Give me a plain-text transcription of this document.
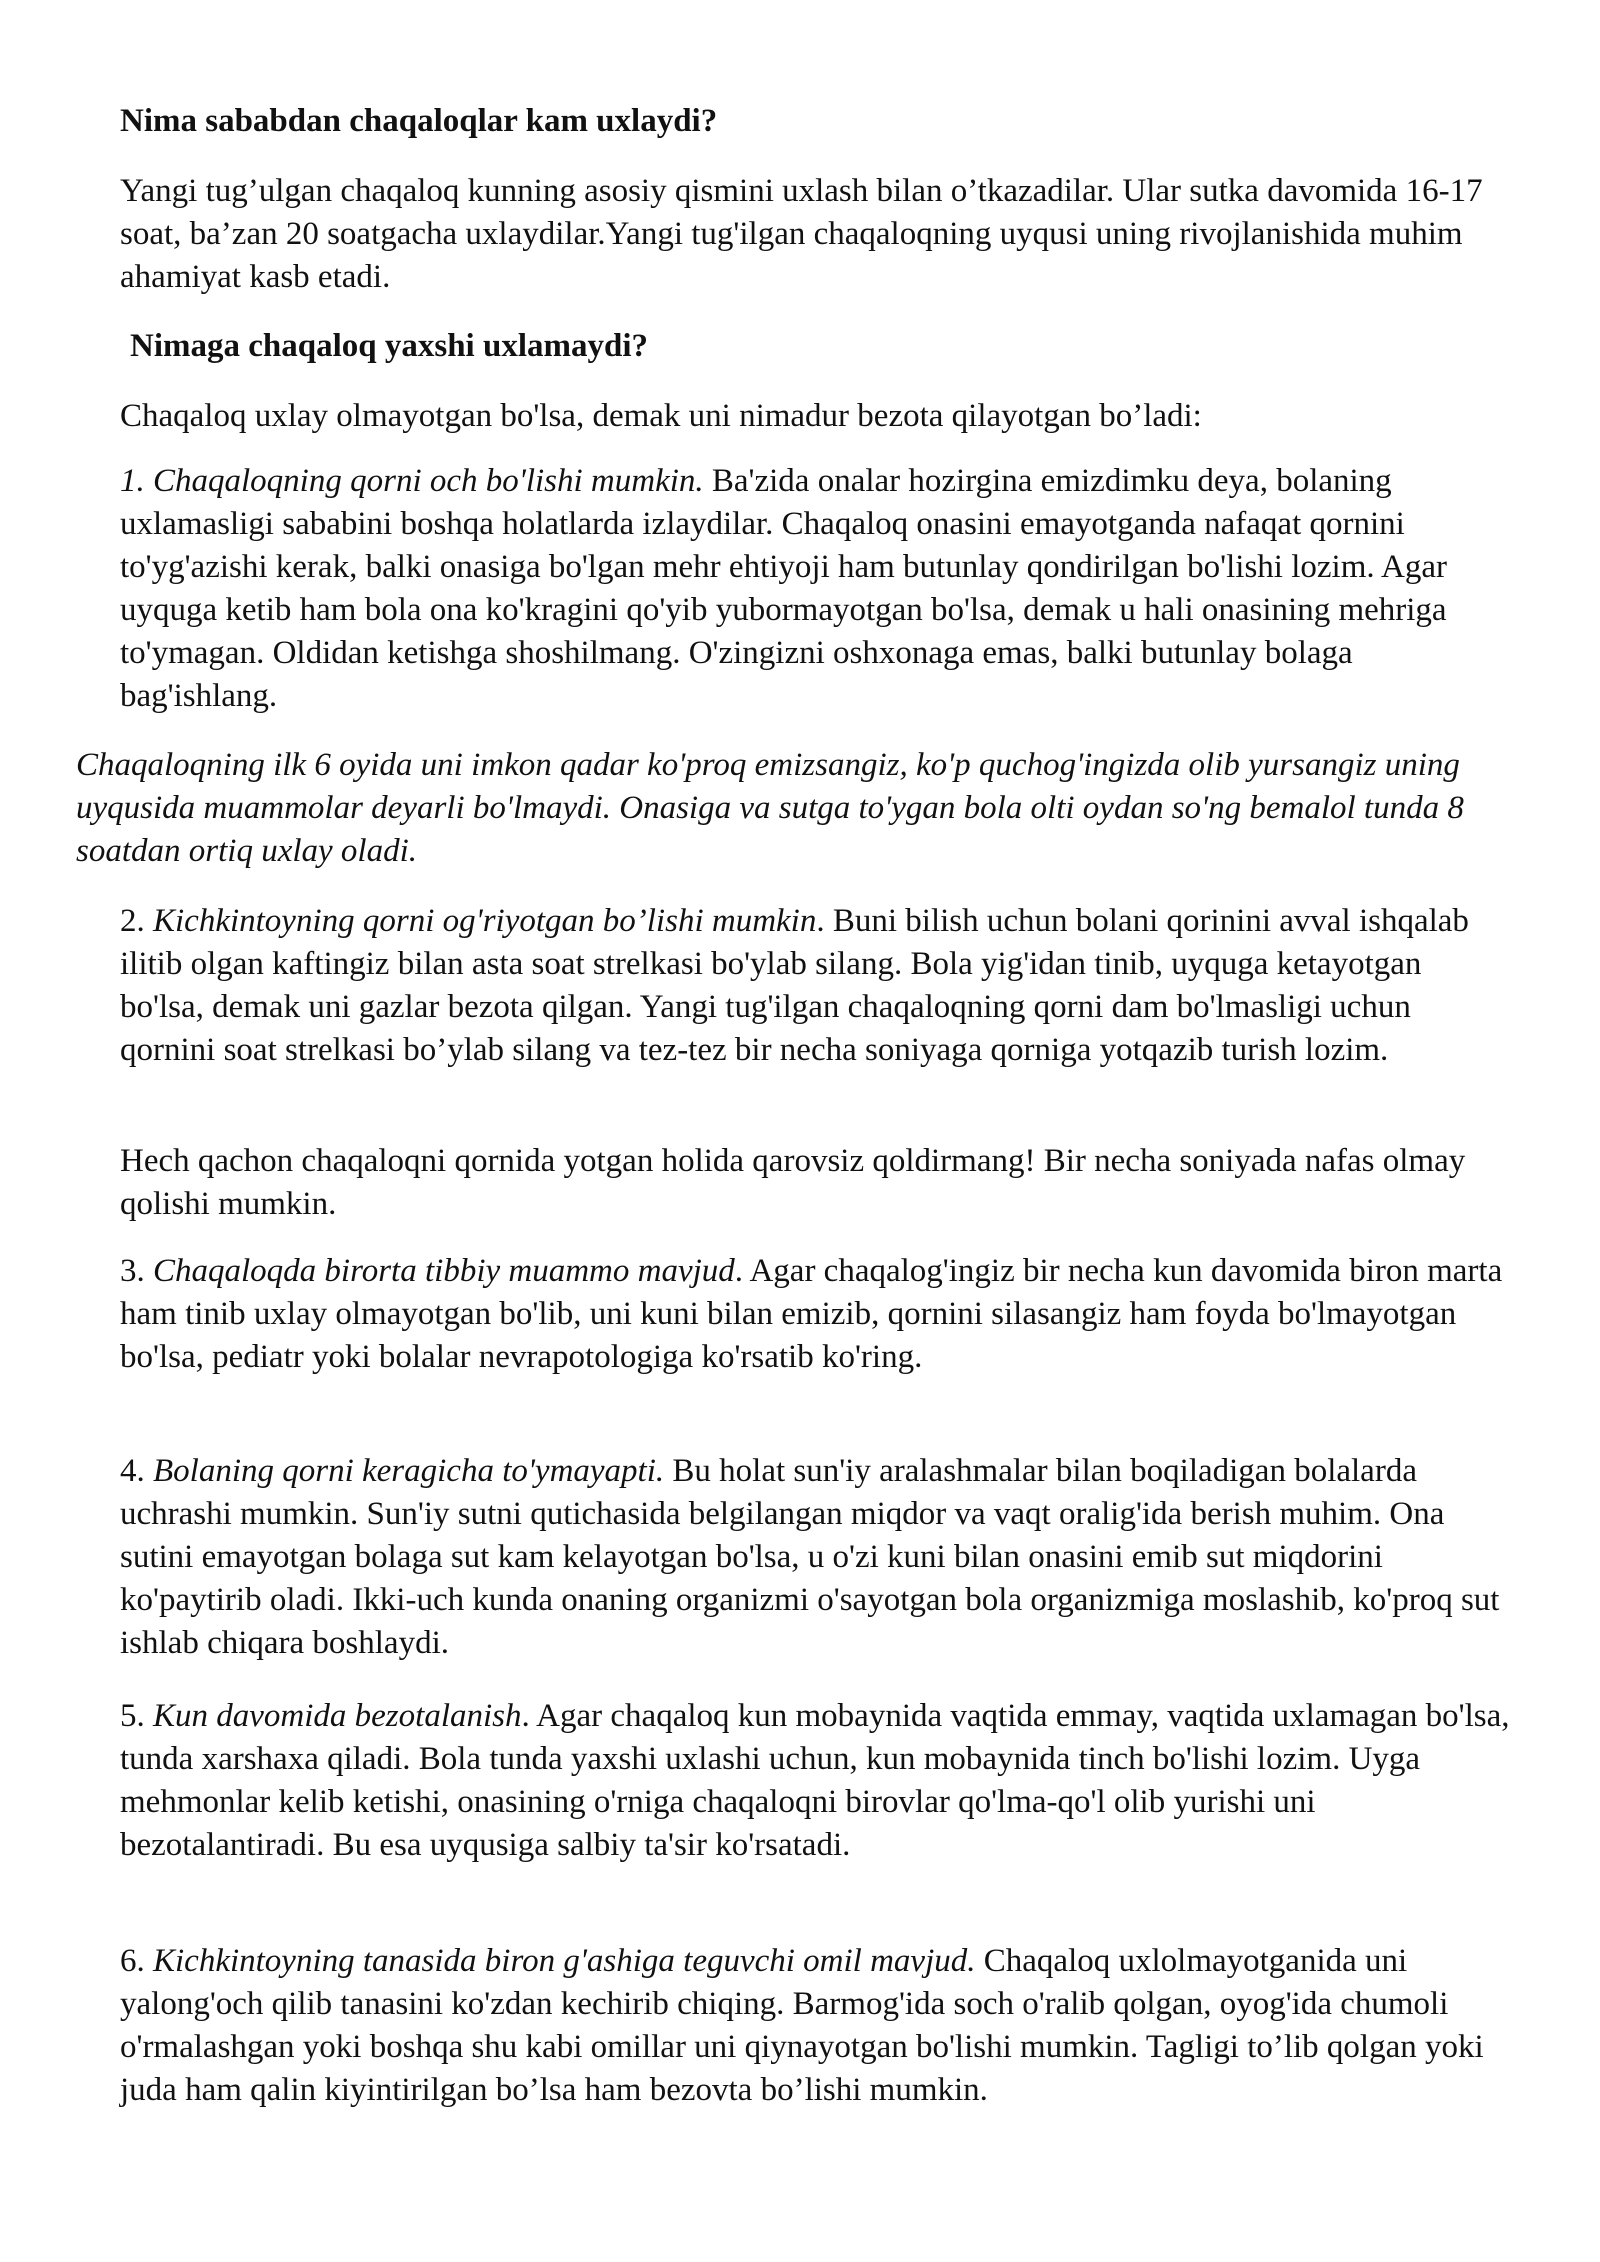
Nima sababdan chaqaloqlar kam uxlaydi?

Yangi tug’ulgan chaqaloq kunning asosiy qismini uxlash bilan o’tkazadilar. Ular sutka davomida 16-17 soat, ba’zan 20 soatgacha uxlaydilar.Yangi tug'ilgan chaqaloqning uyqusi uning rivojlanishida muhim ahamiyat kasb etadi.

Nimaga chaqaloq yaxshi uxlamaydi?

Chaqaloq uxlay olmayotgan bo'lsa, demak uni nimadur bezota qilayotgan bo’ladi:

1. Chaqaloqning qorni och bo'lishi mumkin. Ba'zida onalar hozirgina emizdimku deya, bolaning uxlamasligi sababini boshqa holatlarda izlaydilar. Chaqaloq onasini emayotganda nafaqat qornini to'yg'azishi kerak, balki onasiga bo'lgan mehr ehtiyoji ham butunlay qondirilgan bo'lishi lozim. Agar uyquga ketib ham bola ona ko'kragini qo'yib yubormayotgan bo'lsa, demak u hali onasining mehriga to'ymagan. Oldidan ketishga shoshilmang. O'zingizni oshxonaga emas, balki butunlay bolaga bag'ishlang.

Chaqaloqning ilk 6 oyida uni imkon qadar ko'proq emizsangiz, ko'p quchog'ingizda olib yursangiz uning uyqusida muammolar deyarli bo'lmaydi. Onasiga va sutga to'ygan bola olti oydan so'ng bemalol tunda 8 soatdan ortiq uxlay oladi.

2. Kichkintoyning qorni og'riyotgan bo’lishi mumkin. Buni bilish uchun bolani qorinini avval ishqalab ilitib olgan kaftingiz bilan asta soat strelkasi bo'ylab silang. Bola yig'idan tinib, uyquga ketayotgan bo'lsa, demak uni gazlar bezota qilgan. Yangi tug'ilgan chaqaloqning qorni dam bo'lmasligi uchun qornini soat strelkasi bo’ylab silang va tez-tez bir necha soniyaga qorniga yotqazib turish lozim.

Hech qachon chaqaloqni qornida yotgan holida qarovsiz qoldirmang! Bir necha soniyada nafas olmay qolishi mumkin.

3. Chaqaloqda birorta tibbiy muammo mavjud. Agar chaqalog'ingiz bir necha kun davomida biron marta ham tinib uxlay olmayotgan bo'lib, uni kuni bilan emizib, qornini silasangiz ham foyda bo'lmayotgan bo'lsa, pediatr yoki bolalar nevrapotologiga ko'rsatib ko'ring.

4. Bolaning qorni keragicha to'ymayapti. Bu holat sun'iy aralashmalar bilan boqiladigan bolalarda uchrashi mumkin. Sun'iy sutni qutichasida belgilangan miqdor va vaqt oralig'ida berish muhim. Ona sutini emayotgan bolaga sut kam kelayotgan bo'lsa, u o'zi kuni bilan onasini emib sut miqdorini ko'paytirib oladi. Ikki-uch kunda onaning organizmi o'sayotgan bola organizmiga moslashib, ko'proq sut ishlab chiqara boshlaydi.

5. Kun davomida bezotalanish. Agar chaqaloq kun mobaynida vaqtida emmay, vaqtida uxlamagan bo'lsa, tunda xarshaxa qiladi. Bola tunda yaxshi uxlashi uchun, kun mobaynida tinch bo'lishi lozim. Uyga mehmonlar kelib ketishi, onasining o'rniga chaqaloqni birovlar qo'lma-qo'l olib yurishi uni bezotalantiradi. Bu esa uyqusiga salbiy ta'sir ko'rsatadi.

6. Kichkintoyning tanasida biron g'ashiga teguvchi omil mavjud. Chaqaloq uxlolmayotganida uni yalong'och qilib tanasini ko'zdan kechirib chiqing. Barmog'ida soch o'ralib qolgan, oyog'ida chumoli o'rmalashgan yoki boshqa shu kabi omillar uni qiynayotgan bo'lishi mumkin. Tagligi to’lib qolgan yoki juda ham qalin kiyintirilgan bo’lsa ham bezovta bo’lishi mumkin.
